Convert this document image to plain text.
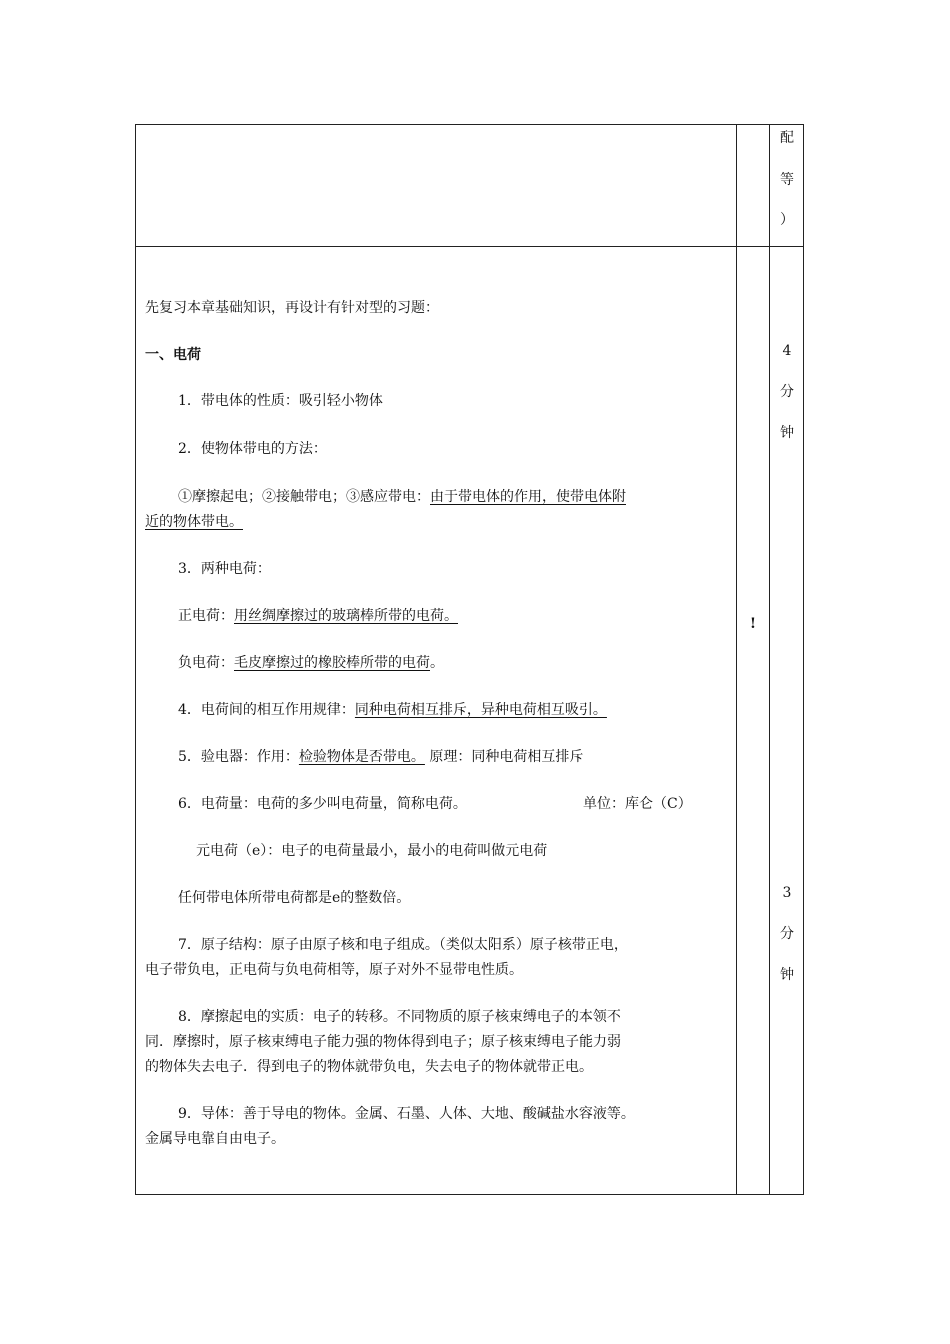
配
等
）
4
分
钟
3
分
钟
!
先复习本章基础知识，再设计有针对型的习题：
一、电荷
1．带电体的性质：吸引轻小物体
2．使物体带电的方法：
①摩擦起电；②接触带电；③感应带电：由于带电体的作用，使带电体附
近的物体带电。
3．两种电荷：
正电荷：用丝绸摩擦过的玻璃棒所带的电荷。
负电荷：毛皮摩擦过的橡胶棒所带的电荷。
4．电荷间的相互作用规律：同种电荷相互排斥，异种电荷相互吸引。
5．验电器：作用：检验物体是否带电。 原理：同种电荷相互排斥
6．电荷量：电荷的多少叫电荷量，简称电荷。	单位：库仑（C）
元电荷（e）：电子的电荷量最小，最小的电荷叫做元电荷
任何带电体所带电荷都是e的整数倍。
7．原子结构：原子由原子核和电子组成。（类似太阳系）原子核带正电，
电子带负电，正电荷与负电荷相等，原子对外不显带电性质。
8．摩擦起电的实质：电子的转移。不同物质的原子核束缚电子的本领不
同．摩擦时，原子核束缚电子能力强的物体得到电子；原子核束缚电子能力弱
的物体失去电子．得到电子的物体就带负电，失去电子的物体就带正电。
9．导体：善于导电的物体。金属、石墨、人体、大地、酸碱盐水容液等。
金属导电靠自由电子。
